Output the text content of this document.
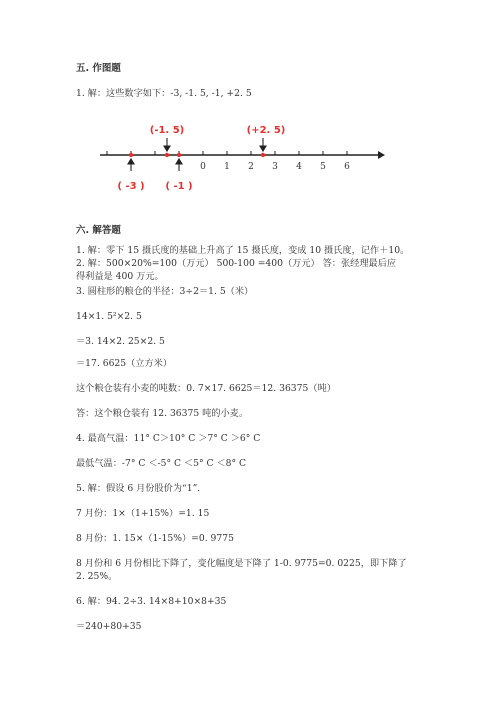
五. 作图题
1. 解：这些数字如下：-3, -1. 5, -1, +2. 5
0 1 2 3 4 5 6
(-1. 5)	(+2. 5)
( -3 ) ( -1 )
六. 解答题
1. 解：零下 15 摄氏度的基础上升高了 15 摄氏度，变成 10 摄氏度，记作＋10。
2. 解：500×20%=100（万元） 500-100 =400（万元） 答：张经理最后应
得利益是 400 万元。
3. 圆柱形的粮仓的半径：3÷2＝1. 5（米）
14×1. 5²×2. 5
＝3. 14×2. 25×2. 5
＝17. 6625（立方米）
这个粮仓装有小麦的吨数：0. 7×17. 6625＝12. 36375（吨）
答：这个粮仓装有 12. 36375 吨的小麦。
4. 最高气温：11° C＞10° C ＞7° C ＞6° C
最低气温：-7° C ＜-5° C ＜5° C ＜8° C
5. 解：假设 6 月份股价为“1”．
7 月份：1×（1+15%）=1. 15
8 月份：1. 15×（1-15%）=0. 9775
8 月份和 6 月份相比下降了，变化幅度是下降了 1-0. 9775=0. 0225，即下降了
2. 25%。
6. 解：94. 2÷3. 14×8+10×8+35
＝240+80+35
